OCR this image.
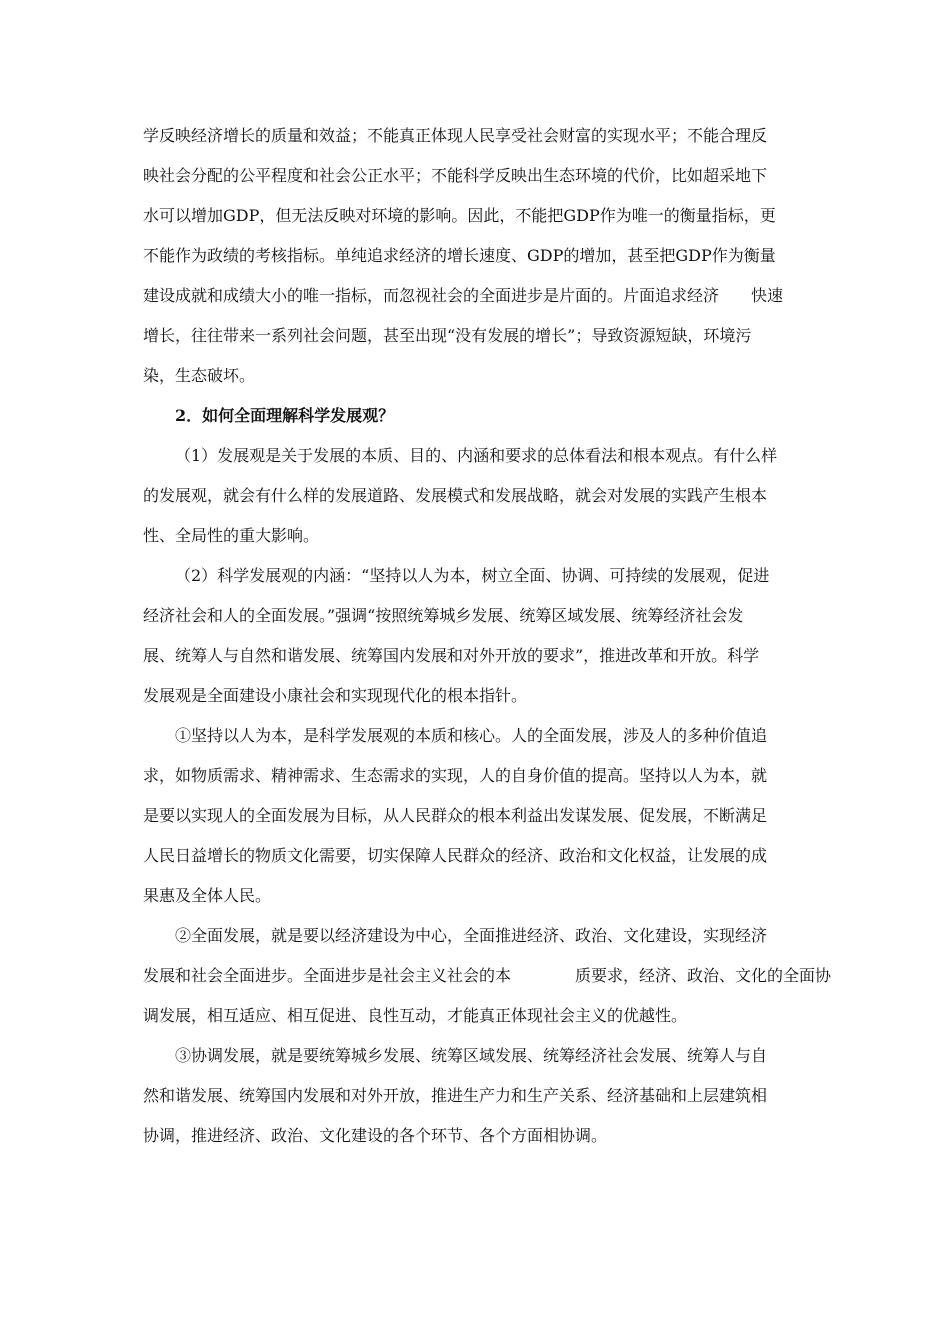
学反映经济增长的质量和效益；不能真正体现人民享受社会财富的实现水平；不能合理反
映社会分配的公平程度和社会公正水平；不能科学反映出生态环境的代价，比如超采地下
水可以增加GDP，但无法反映对环境的影响。因此，不能把GDP作为唯一的衡量指标，更
不能作为政绩的考核指标。单纯追求经济的增长速度、GDP的增加，甚至把GDP作为衡量
建设成就和成绩大小的唯一指标，而忽视社会的全面进步是片面的。片面追求经济　　快速
增长，往往带来一系列社会问题，甚至出现“没有发展的增长”；导致资源短缺，环境污
染，生态破坏。
2．如何全面理解科学发展观？
（1）发展观是关于发展的本质、目的、内涵和要求的总体看法和根本观点。有什么样
的发展观，就会有什么样的发展道路、发展模式和发展战略，就会对发展的实践产生根本
性、全局性的重大影响。
（2）科学发展观的内涵：“坚持以人为本，树立全面、协调、可持续的发展观，促进
经济社会和人的全面发展。”强调“按照统筹城乡发展、统筹区域发展、统筹经济社会发
展、统筹人与自然和谐发展、统筹国内发展和对外开放的要求”，推进改革和开放。科学
发展观是全面建设小康社会和实现现代化的根本指针。
①坚持以人为本，是科学发展观的本质和核心。人的全面发展，涉及人的多种价值追
求，如物质需求、精神需求、生态需求的实现，人的自身价值的提高。坚持以人为本，就
是要以实现人的全面发展为目标，从人民群众的根本利益出发谋发展、促发展，不断满足
人民日益增长的物质文化需要，切实保障人民群众的经济、政治和文化权益，让发展的成
果惠及全体人民。
②全面发展，就是要以经济建设为中心，全面推进经济、政治、文化建设，实现经济
发展和社会全面进步。全面进步是社会主义社会的本　　　　质要求，经济、政治、文化的全面协
调发展，相互适应、相互促进、良性互动，才能真正体现社会主义的优越性。
③协调发展，就是要统筹城乡发展、统筹区域发展、统筹经济社会发展、统筹人与自
然和谐发展、统筹国内发展和对外开放，推进生产力和生产关系、经济基础和上层建筑相
协调，推进经济、政治、文化建设的各个环节、各个方面相协调。
